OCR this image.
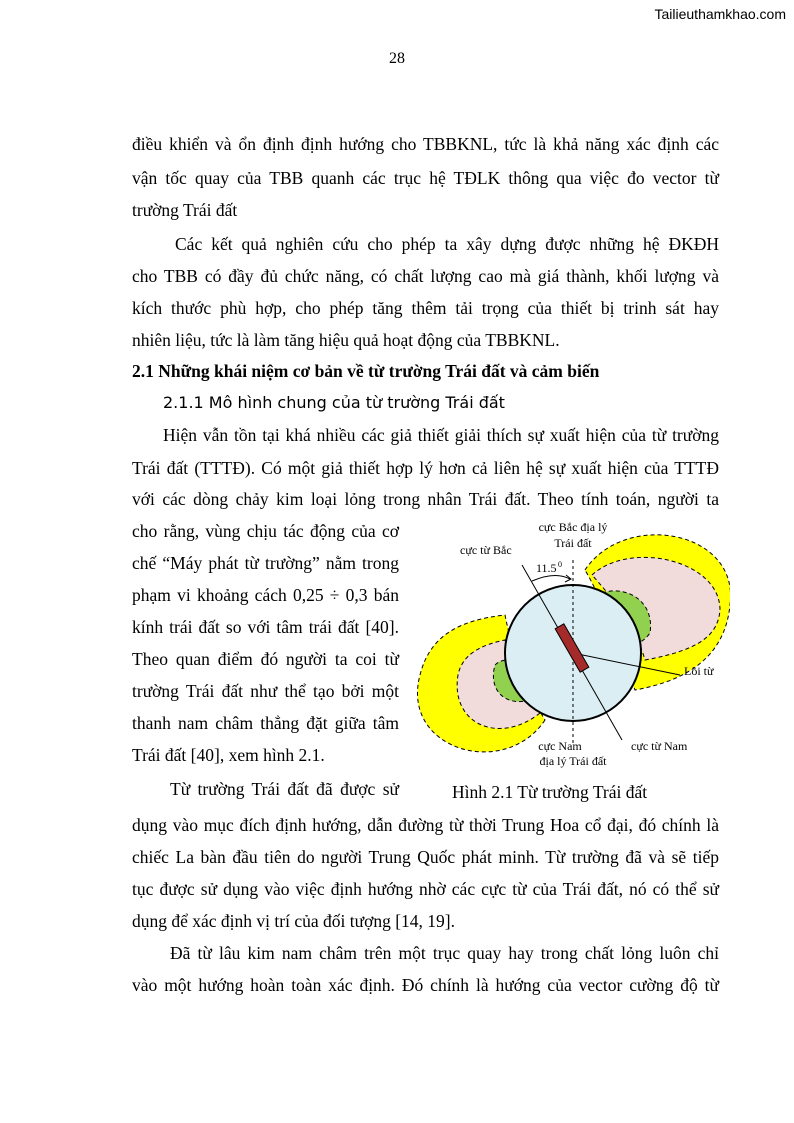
Tailieuthamkhao.com
28
điều khiển và ổn định định hướng cho TBBKNL, tức là khả năng xác định các
vận tốc quay của TBB quanh các trục hệ TĐLK thông qua việc đo vector từ
trường Trái đất
Các kết quả nghiên cứu cho phép ta xây dựng được những hệ ĐKĐH
cho TBB có đầy đủ chức năng, có chất lượng cao mà giá thành, khối lượng và
kích thước phù hợp, cho phép tăng thêm tải trọng của thiết bị trinh sát hay
nhiên liệu, tức là làm tăng hiệu quả hoạt động của TBBKNL.
2.1 Những khái niệm cơ bản về từ trường Trái đất và cảm biến
2.1.1 Mô hình chung của từ trường Trái đất
Hiện vẫn tồn tại khá nhiều các giả thiết giải thích sự xuất hiện của từ trường
Trái đất (TTTĐ). Có một giả thiết hợp lý hơn cả liên hệ sự xuất hiện của TTTĐ
với các dòng chảy kim loại lỏng trong nhân Trái đất. Theo tính toán, người ta
cho rằng, vùng chịu tác động của cơ
chế “Máy phát từ trường” nằm trong
phạm vi khoảng cách 0,25 ÷ 0,3 bán
kính trái đất so với tâm trái đất [40].
Theo quan điểm đó người ta coi từ
trường Trái đất như thể tạo bởi một
thanh nam châm thẳng đặt giữa tâm
Trái đất [40], xem hình 2.1.
Từ trường Trái đất đã được sử
cực Bắc địa lý
Trái đất
cực từ Bắc
11.5 0
Lõi từ
cực Nam
địa lý Trái đất
cực từ Nam
Hình 2.1 Từ trường Trái đất
dụng vào mục đích định hướng, dẫn đường từ thời Trung Hoa cổ đại, đó chính là
chiếc La bàn đầu tiên do người Trung Quốc phát minh. Từ trường đã và sẽ tiếp
tục được sử dụng vào việc định hướng nhờ các cực từ của Trái đất, nó có thể sử
dụng để xác định vị trí của đối tượng [14, 19].
Đã từ lâu kim nam châm trên một trục quay hay trong chất lỏng luôn chỉ
vào một hướng hoàn toàn xác định. Đó chính là hướng của vector cường độ từ
